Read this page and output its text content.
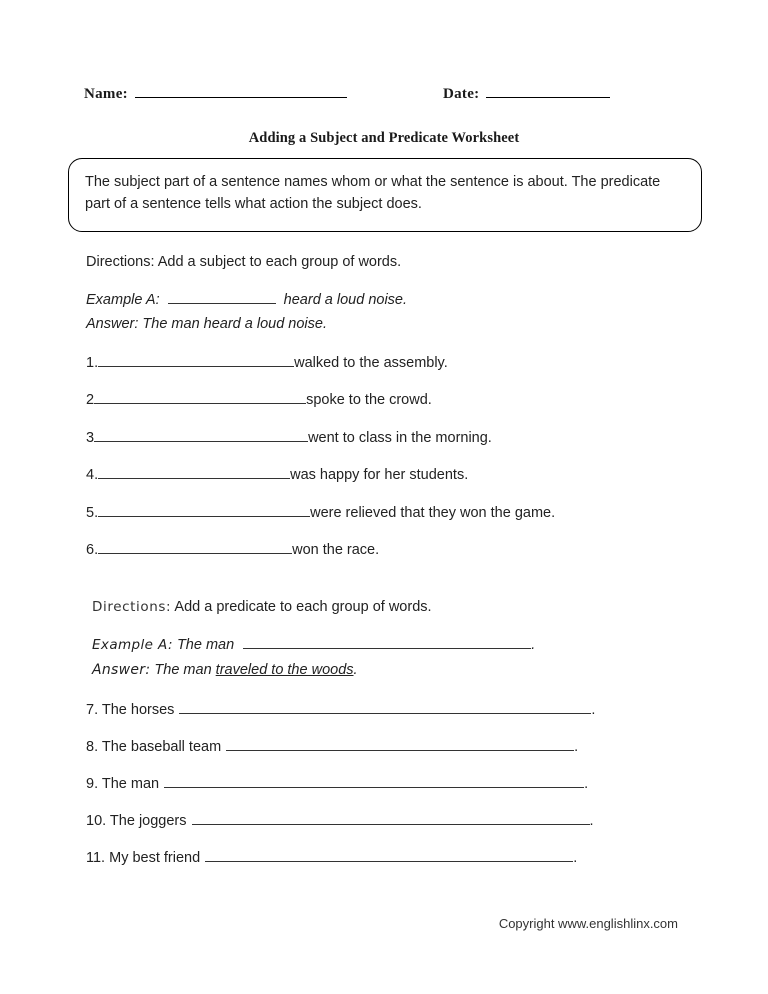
Name:	Date:
Adding a Subject and Predicate Worksheet
The subject part of a sentence names whom or what the sentence is about. The predicate part of a sentence tells what action the subject does.
Directions: Add a subject to each group of words.
Example A:	heard a loud noise.
Answer: The man heard a loud noise.
1.	walked to the assembly.
2	spoke to the crowd.
3	went to class in the morning.
4.	was happy for her students.
5.	were relieved that they won the game.
6.	won the race.
Directions: Add a predicate to each group of words.
Example A: The man	.
Answer: The man traveled to the woods.
7. The horses	.
8. The baseball team	.
9. The man	.
10. The joggers	.
11. My best friend	.
Copyright www.englishlinx.com
